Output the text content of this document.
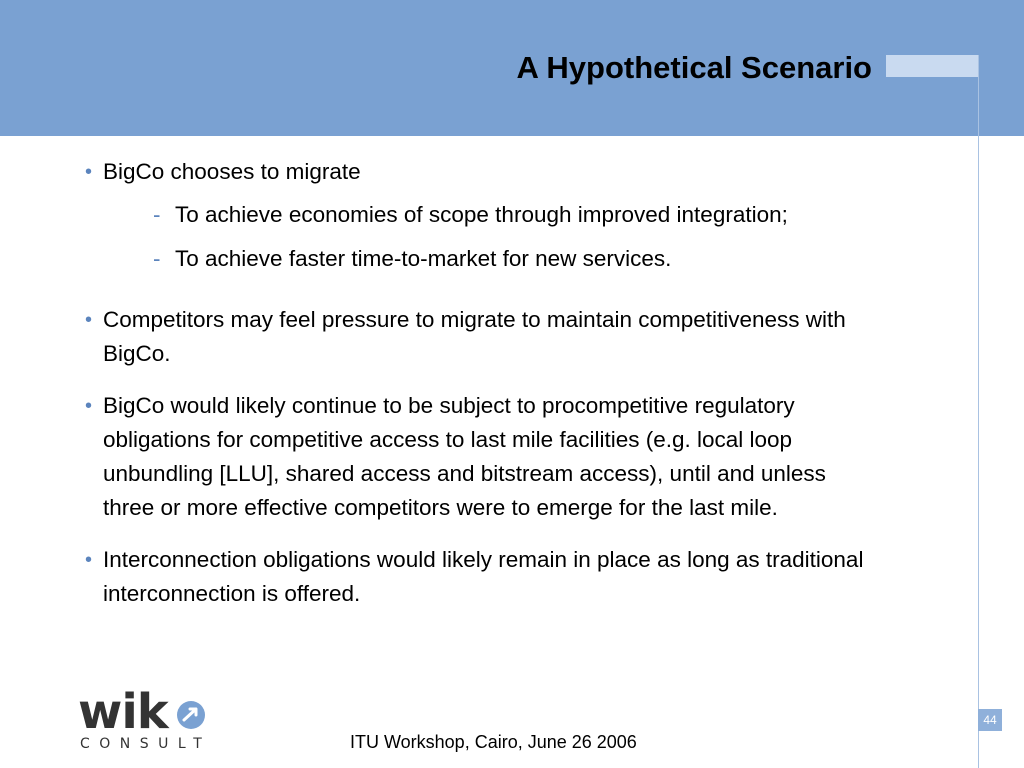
A Hypothetical Scenario
• BigCo chooses to migrate
- To achieve economies of scope through improved integration;
- To achieve faster time-to-market for new services.
• Competitors may feel pressure to migrate to maintain competitiveness with BigCo.
• BigCo would likely continue to be subject to procompetitive regulatory obligations for competitive access to last mile facilities (e.g. local loop unbundling [LLU], shared access and bitstream access), until and unless three or more effective competitors were to emerge for the last mile.
• Interconnection obligations would likely remain in place as long as traditional interconnection is offered.
wik
CONSULT	ITU Workshop, Cairo, June 26 2006
44
